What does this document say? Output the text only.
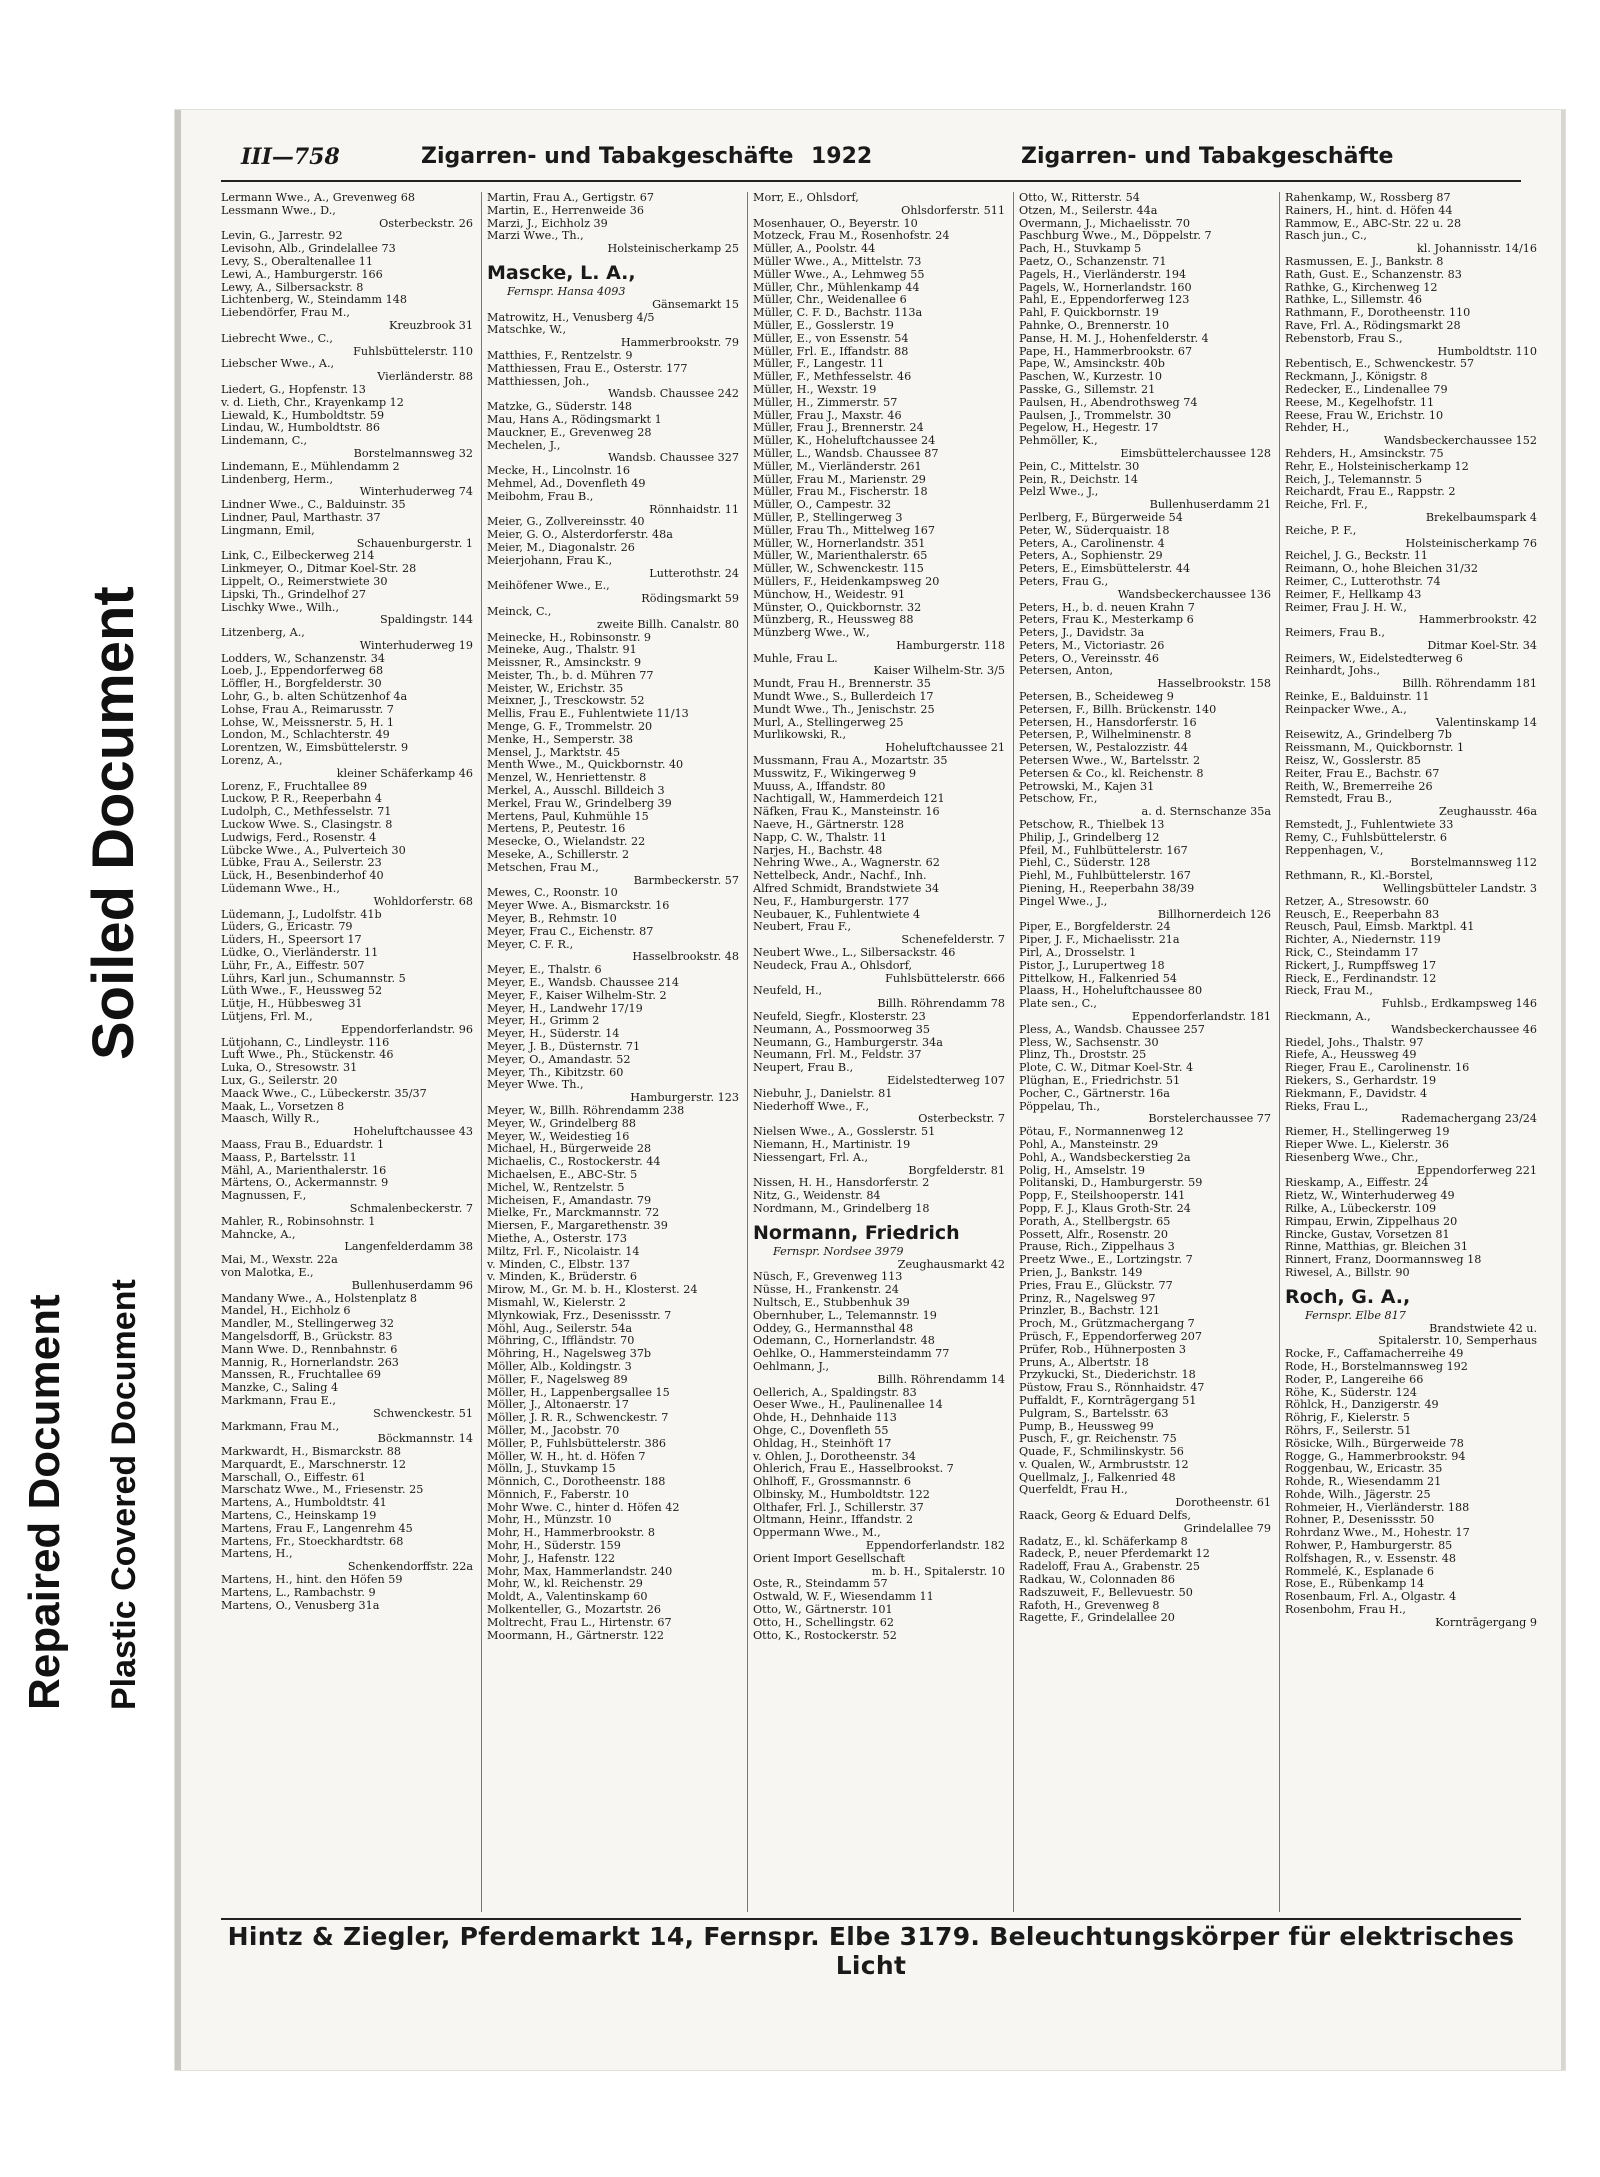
Soiled Document
Repaired Document Plastic Covered Document
III—758	Zigarren- und Tabakgeschäfte 1922	Zigarren- und Tabakgeschäfte
Lermann Wwe., A., Grevenweg 68
Lessmann Wwe., D.,
Osterbeckstr. 26
Levin, G., Jarrestr. 92
Levisohn, Alb., Grindelallee 73
Levy, S., Oberaltenallee 11
Lewi, A., Hamburgerstr. 166
Lewy, A., Silbersackstr. 8
Lichtenberg, W., Steindamm 148
Liebendörfer, Frau M.,
Kreuzbrook 31
Liebrecht Wwe., C.,
Fuhlsbüttelerstr. 110
Liebscher Wwe., A.,
Vierländerstr. 88
Liedert, G., Hopfenstr. 13
v. d. Lieth, Chr., Krayenkamp 12
Liewald, K., Humboldtstr. 59
Lindau, W., Humboldtstr. 86
Lindemann, C.,
Borstelmannsweg 32
Lindemann, E., Mühlendamm 2
Lindenberg, Herm.,
Winterhuderweg 74
Lindner Wwe., C., Balduinstr. 35
Lindner, Paul, Marthastr. 37
Lingmann, Emil,
Schauenburgerstr. 1
Link, C., Eilbeckerweg 214
Linkmeyer, O., Ditmar Koel-Str. 28
Lippelt, O., Reimerstwiete 30
Lipski, Th., Grindelhof 27
Lischky Wwe., Wilh.,
Spaldingstr. 144
Litzenberg, A.,
Winterhuderweg 19
Lodders, W., Schanzenstr. 34
Loeb, J., Eppendorferweg 68
Löffler, H., Borgfelderstr. 30
Lohr, G., b. alten Schützenhof 4a
Lohse, Frau A., Reimarusstr. 7
Lohse, W., Meissnerstr. 5, H. 1
London, M., Schlachterstr. 49
Lorentzen, W., Eimsbüttelerstr. 9
Lorenz, A.,
kleiner Schäferkamp 46
Lorenz, F., Fruchtallee 89
Luckow, P. R., Reeperbahn 4
Ludolph, C., Methfesselstr. 71
Luckow Wwe. S., Clasingstr. 8
Ludwigs, Ferd., Rosenstr. 4
Lübcke Wwe., A., Pulverteich 30
Lübke, Frau A., Seilerstr. 23
Lück, H., Besenbinderhof 40
Lüdemann Wwe., H.,
Wohldorferstr. 68
Lüdemann, J., Ludolfstr. 41b
Lüders, G., Ericastr. 79
Lüders, H., Speersort 17
Lüdke, O., Vierländerstr. 11
Lühr, Fr., A., Eiffestr. 507
Lührs, Karl jun., Schumannstr. 5
Lüth Wwe., F., Heussweg 52
Lütje, H., Hübbesweg 31
Lütjens, Frl. M.,
Eppendorferlandstr. 96
Lütjohann, C., Lindleystr. 116
Luft Wwe., Ph., Stückenstr. 46
Luka, O., Stresowstr. 31
Lux, G., Seilerstr. 20
Maack Wwe., C., Lübeckerstr. 35/37
Maak, L., Vorsetzen 8
Maasch, Willy R.,
Hoheluftchaussee 43
Maass, Frau B., Eduardstr. 1
Maass, P., Bartelsstr. 11
Mähl, A., Marienthalerstr. 16
Märtens, O., Ackermannstr. 9
Magnussen, F.,
Schmalenbeckerstr. 7
Mahler, R., Robinsohnstr. 1
Mahncke, A.,
Langenfelderdamm 38
Mai, M., Wexstr. 22a
von Malotka, E.,
Bullenhuserdamm 96
Mandany Wwe., A., Holstenplatz 8
Mandel, H., Eichholz 6
Mandler, M., Stellingerweg 32
Mangelsdorff, B., Grückstr. 83
Mann Wwe. D., Rennbahnstr. 6
Mannig, R., Hornerlandstr. 263
Manssen, R., Fruchtallee 69
Manzke, C., Saling 4
Markmann, Frau E.,
Schwenckestr. 51
Markmann, Frau M.,
Böckmannstr. 14
Markwardt, H., Bismarckstr. 88
Marquardt, E., Marschnerstr. 12
Marschall, O., Eiffestr. 61
Marschatz Wwe., M., Friesenstr. 25
Martens, A., Humboldtstr. 41
Martens, C., Heinskamp 19
Martens, Frau F., Langenrehm 45
Martens, Fr., Stoeckhardtstr. 68
Martens, H.,
Schenkendorffstr. 22a
Martens, H., hint. den Höfen 59
Martens, L., Rambachstr. 9
Martens, O., Venusberg 31a
Martin, Frau A., Gertigstr. 67
Martin, E., Herrenweide 36
Marzi, J., Eichholz 39
Marzi Wwe., Th.,
Holsteinischerkamp 25
Mascke, L. A.,
Fernspr. Hansa 4093
Gänsemarkt 15
Matrowitz, H., Venusberg 4/5
Matschke, W.,
Hammerbrookstr. 79
Matthies, F., Rentzelstr. 9
Matthiessen, Frau E., Osterstr. 177
Matthiessen, Joh.,
Wandsb. Chaussee 242
Matzke, G., Süderstr. 148
Mau, Hans A., Rödingsmarkt 1
Mauckner, E., Grevenweg 28
Mechelen, J.,
Wandsb. Chaussee 327
Mecke, H., Lincolnstr. 16
Mehmel, Ad., Dovenfleth 49
Meibohm, Frau B.,
Rönnhaidstr. 11
Meier, G., Zollvereinsstr. 40
Meier, G. O., Alsterdorferstr. 48a
Meier, M., Diagonalstr. 26
Meierjohann, Frau K.,
Lutterothstr. 24
Meihöfener Wwe., E.,
Rödingsmarkt 59
Meinck, C.,
zweite Billh. Canalstr. 80
Meinecke, H., Robinsonstr. 9
Meineke, Aug., Thalstr. 91
Meissner, R., Amsinckstr. 9
Meister, Th., b. d. Mühren 77
Meister, W., Erichstr. 35
Meixner, J., Tresckowstr. 52
Mellis, Frau E., Fuhlentwiete 11/13
Menge, G. F., Trommelstr. 20
Menke, H., Semperstr. 38
Mensel, J., Marktstr. 45
Menth Wwe., M., Quickbornstr. 40
Menzel, W., Henriettenstr. 8
Merkel, A., Ausschl. Billdeich 3
Merkel, Frau W., Grindelberg 39
Mertens, Paul, Kuhmühle 15
Mertens, P., Peutestr. 16
Mesecke, O., Wielandstr. 22
Meseke, A., Schillerstr. 2
Metschen, Frau M.,
Barmbeckerstr. 57
Mewes, C., Roonstr. 10
Meyer Wwe. A., Bismarckstr. 16
Meyer, B., Rehmstr. 10
Meyer, Frau C., Eichenstr. 87
Meyer, C. F. R.,
Hasselbrookstr. 48
Meyer, E., Thalstr. 6
Meyer, E., Wandsb. Chaussee 214
Meyer, F., Kaiser Wilhelm-Str. 2
Meyer, H., Landwehr 17/19
Meyer, H., Grimm 2
Meyer, H., Süderstr. 14
Meyer, J. B., Düsternstr. 71
Meyer, O., Amandastr. 52
Meyer, Th., Kibitzstr. 60
Meyer Wwe. Th.,
Hamburgerstr. 123
Meyer, W., Billh. Röhrendamm 238
Meyer, W., Grindelberg 88
Meyer, W., Weidestieg 16
Michael, H., Bürgerweide 28
Michaelis, C., Rostockerstr. 44
Michaelsen, E., ABC-Str. 5
Michel, W., Rentzelstr. 5
Micheisen, F., Amandastr. 79
Mielke, Fr., Marckmannstr. 72
Miersen, F., Margarethenstr. 39
Miethe, A., Osterstr. 173
Miltz, Frl. F., Nicolaistr. 14
v. Minden, C., Elbstr. 137
v. Minden, K., Brüderstr. 6
Mirow, M., Gr. M. b. H., Klosterst. 24
Mismahl, W., Kielerstr. 2
Mlynkowiak, Frz., Desenissstr. 7
Möhl, Aug., Seilerstr. 54a
Möhring, C., Iffländstr. 70
Möhring, H., Nagelsweg 37b
Möller, Alb., Koldingstr. 3
Möller, F., Nagelsweg 89
Möller, H., Lappenbergsallee 15
Möller, J., Altonaerstr. 17
Möller, J. R. R., Schwenckestr. 7
Möller, M., Jacobstr. 70
Möller, P., Fuhlsbüttelerstr. 386
Möller, W. H., ht. d. Höfen 7
Mölln, J., Stuvkamp 15
Mönnich, C., Dorotheenstr. 188
Mönnich, F., Faberstr. 10
Mohr Wwe. C., hinter d. Höfen 42
Mohr, H., Münzstr. 10
Mohr, H., Hammerbrookstr. 8
Mohr, H., Süderstr. 159
Mohr, J., Hafenstr. 122
Mohr, Max, Hammerlandstr. 240
Mohr, W., kl. Reichenstr. 29
Moldt, A., Valentinskamp 60
Molkenteller, G., Mozartstr. 26
Moltrecht, Frau L., Hirtenstr. 67
Moormann, H., Gärtnerstr. 122
Morr, E., Ohlsdorf,
Ohlsdorferstr. 511
Mosenhauer, O., Beyerstr. 10
Motzeck, Frau M., Rosenhofstr. 24
Müller, A., Poolstr. 44
Müller Wwe., A., Mittelstr. 73
Müller Wwe., A., Lehmweg 55
Müller, Chr., Mühlenkamp 44
Müller, Chr., Weidenallee 6
Müller, C. F. D., Bachstr. 113a
Müller, E., Gosslerstr. 19
Müller, E., von Essenstr. 54
Müller, Frl. E., Iffandstr. 88
Müller, F., Langestr. 11
Müller, F., Methfesselstr. 46
Müller, H., Wexstr. 19
Müller, H., Zimmerstr. 57
Müller, Frau J., Maxstr. 46
Müller, Frau J., Brennerstr. 24
Müller, K., Hoheluftchaussee 24
Müller, L., Wandsb. Chaussee 87
Müller, M., Vierländerstr. 261
Müller, Frau M., Marienstr. 29
Müller, Frau M., Fischerstr. 18
Müller, O., Campestr. 32
Müller, P., Stellingerweg 3
Müller, Frau Th., Mittelweg 167
Müller, W., Hornerlandstr. 351
Müller, W., Marienthalerstr. 65
Müller, W., Schwenckestr. 115
Müllers, F., Heidenkampsweg 20
Münchow, H., Weidestr. 91
Münster, O., Quickbornstr. 32
Münzberg, R., Heussweg 88
Münzberg Wwe., W.,
Hamburgerstr. 118
Muhle, Frau L.
Kaiser Wilhelm-Str. 3/5
Mundt, Frau H., Brennerstr. 35
Mundt Wwe., S., Bullerdeich 17
Mundt Wwe., Th., Jenischstr. 25
Murl, A., Stellingerweg 25
Murlikowski, R.,
Hoheluftchaussee 21
Mussmann, Frau A., Mozartstr. 35
Musswitz, F., Wikingerweg 9
Muuss, A., Iffandstr. 80
Nachtigall, W., Hammerdeich 121
Näfken, Frau K., Mansteinstr. 16
Naeve, H., Gärtnerstr. 128
Napp, C. W., Thalstr. 11
Narjes, H., Bachstr. 48
Nehring Wwe., A., Wagnerstr. 62
Nettelbeck, Andr., Nachf., Inh.
Alfred Schmidt, Brandstwiete 34
Neu, F., Hamburgerstr. 177
Neubauer, K., Fuhlentwiete 4
Neubert, Frau F.,
Schenefelderstr. 7
Neubert Wwe., L., Silbersackstr. 46
Neudeck, Frau A., Ohlsdorf,
Fuhlsbüttelerstr. 666
Neufeld, H.,
Billh. Röhrendamm 78
Neufeld, Siegfr., Klosterstr. 23
Neumann, A., Possmoorweg 35
Neumann, G., Hamburgerstr. 34a
Neumann, Frl. M., Feldstr. 37
Neupert, Frau B.,
Eidelstedterweg 107
Niebuhr, J., Danielstr. 81
Niederhoff Wwe., F.,
Osterbeckstr. 7
Nielsen Wwe., A., Gosslerstr. 51
Niemann, H., Martinistr. 19
Niessengart, Frl. A.,
Borgfelderstr. 81
Nissen, H. H., Hansdorferstr. 2
Nitz, G., Weidenstr. 84
Nordmann, M., Grindelberg 18
Normann, Friedrich
Fernspr. Nordsee 3979
Zeughausmarkt 42
Nüsch, F., Grevenweg 113
Nüsse, H., Frankenstr. 24
Nultsch, E., Stubbenhuk 39
Obernhuber, L., Telemannstr. 19
Oddey, G., Hermannsthal 48
Odemann, C., Hornerlandstr. 48
Oehlke, O., Hammersteindamm 77
Oehlmann, J.,
Billh. Röhrendamm 14
Oellerich, A., Spaldingstr. 83
Oeser Wwe., H., Paulinenallee 14
Ohde, H., Dehnhaide 113
Ohge, C., Dovenfleth 55
Ohldag, H., Steinhöft 17
v. Ohlen, J., Dorotheenstr. 34
Ohlerich, Frau E., Hasselbrookst. 7
Ohlhoff, F., Grossmannstr. 6
Olbinsky, M., Humboldtstr. 122
Olthafer, Frl. J., Schillerstr. 37
Oltmann, Heinr., Iffandstr. 2
Oppermann Wwe., M.,
Eppendorferlandstr. 182
Orient Import Gesellschaft
m. b. H., Spitalerstr. 10
Oste, R., Steindamm 57
Ostwald, W. F., Wiesendamm 11
Otto, W., Gärtnerstr. 101
Otto, H., Schellingstr. 62
Otto, K., Rostockerstr. 52
Otto, W., Ritterstr. 54
Otzen, M., Seilerstr. 44a
Overmann, J., Michaelisstr. 70
Paschburg Wwe., M., Döppelstr. 7
Pach, H., Stuvkamp 5
Paetz, O., Schanzenstr. 71
Pagels, H., Vierländerstr. 194
Pagels, W., Hornerlandstr. 160
Pahl, E., Eppendorferweg 123
Pahl, F. Quickbornstr. 19
Pahnke, O., Brennerstr. 10
Panse, H. M. J., Hohenfelderstr. 4
Pape, H., Hammerbrookstr. 67
Pape, W., Amsinckstr. 40b
Paschen, W., Kurzestr. 10
Passke, G., Sillemstr. 21
Paulsen, H., Abendrothsweg 74
Paulsen, J., Trommelstr. 30
Pegelow, H., Hegestr. 17
Pehmöller, K.,
Eimsbüttelerchaussee 128
Pein, C., Mittelstr. 30
Pein, R., Deichstr. 14
Pelzl Wwe., J.,
Bullenhuserdamm 21
Perlberg, F., Bürgerweide 54
Peter, W., Süderquaistr. 18
Peters, A., Carolinenstr. 4
Peters, A., Sophienstr. 29
Peters, E., Eimsbüttelerstr. 44
Peters, Frau G.,
Wandsbeckerchaussee 136
Peters, H., b. d. neuen Krahn 7
Peters, Frau K., Mesterkamp 6
Peters, J., Davidstr. 3a
Peters, M., Victoriastr. 26
Peters, O., Vereinsstr. 46
Petersen, Anton,
Hasselbrookstr. 158
Petersen, B., Scheideweg 9
Petersen, F., Billh. Brückenstr. 140
Petersen, H., Hansdorferstr. 16
Petersen, P., Wilhelminenstr. 8
Petersen, W., Pestalozzistr. 44
Petersen Wwe., W., Bartelsstr. 2
Petersen & Co., kl. Reichenstr. 8
Petrowski, M., Kajen 31
Petschow, Fr.,
a. d. Sternschanze 35a
Petschow, R., Thielbek 13
Philip, J., Grindelberg 12
Pfeil, M., Fuhlbüttelerstr. 167
Piehl, C., Süderstr. 128
Piehl, M., Fuhlbüttelerstr. 167
Piening, H., Reeperbahn 38/39
Pingel Wwe., J.,
Billhornerdeich 126
Piper, E., Borgfelderstr. 24
Piper, J. F., Michaelisstr. 21a
Pirl, A., Drosselstr. 1
Pistor, J., Lurupertweg 18
Pittelkow, H., Falkenried 54
Plaass, H., Hoheluftchaussee 80
Plate sen., C.,
Eppendorferlandstr. 181
Pless, A., Wandsb. Chaussee 257
Pless, W., Sachsenstr. 30
Plinz, Th., Droststr. 25
Plote, C. W., Ditmar Koel-Str. 4
Plüghan, E., Friedrichstr. 51
Pocher, C., Gärtnerstr. 16a
Pöppelau, Th.,
Borstelerchaussee 77
Pötau, F., Normannenweg 12
Pohl, A., Mansteinstr. 29
Pohl, A., Wandsbeckerstieg 2a
Polig, H., Amselstr. 19
Politanski, D., Hamburgerstr. 59
Popp, F., Steilshooperstr. 141
Popp, F. J., Klaus Groth-Str. 24
Porath, A., Stellbergstr. 65
Possett, Alfr., Rosenstr. 20
Prause, Rich., Zippelhaus 3
Preetz Wwe., E., Lortzingstr. 7
Prien, J., Bankstr. 149
Pries, Frau E., Glückstr. 77
Prinz, R., Nagelsweg 97
Prinzler, B., Bachstr. 121
Proch, M., Grützmachergang 7
Prüsch, F., Eppendorferweg 207
Prüfer, Rob., Hühnerposten 3
Pruns, A., Albertstr. 18
Przykucki, St., Diederichstr. 18
Püstow, Frau S., Rönnhaidstr. 47
Puffaldt, F., Korntrāgergang 51
Pulgram, S., Bartelsstr. 63
Pump, B., Heussweg 99
Pusch, F., gr. Reichenstr. 75
Quade, F., Schmilinskystr. 56
v. Qualen, W., Armbruststr. 12
Quellmalz, J., Falkenried 48
Querfeldt, Frau H.,
Dorotheenstr. 61
Raack, Georg & Eduard Delfs,
Grindelallee 79
Radatz, E., kl. Schäferkamp 8
Radeck, P., neuer Pferdemarkt 12
Radeloff, Frau A., Grabenstr. 25
Radkau, W., Colonnaden 86
Radszuweit, F., Bellevuestr. 50
Rafoth, H., Grevenweg 8
Ragette, F., Grindelallee 20
Rahenkamp, W., Rossberg 87
Rainers, H., hint. d. Höfen 44
Rammow, E., ABC-Str. 22 u. 28
Rasch jun., C.,
kl. Johannisstr. 14/16
Rasmussen, E. J., Bankstr. 8
Rath, Gust. E., Schanzenstr. 83
Rathke, G., Kirchenweg 12
Rathke, L., Sillemstr. 46
Rathmann, F., Dorotheenstr. 110
Rave, Frl. A., Rödingsmarkt 28
Rebenstorb, Frau S.,
Humboldtstr. 110
Rebentisch, E., Schwenckestr. 57
Reckmann, J., Königstr. 8
Redecker, E., Lindenallee 79
Reese, M., Kegelhofstr. 11
Reese, Frau W., Erichstr. 10
Rehder, H.,
Wandsbeckerchaussee 152
Rehders, H., Amsinckstr. 75
Rehr, E., Holsteinischerkamp 12
Reich, J., Telemannstr. 5
Reichardt, Frau E., Rappstr. 2
Reiche, Frl. F.,
Brekelbaumspark 4
Reiche, P. F.,
Holsteinischerkamp 76
Reichel, J. G., Beckstr. 11
Reimann, O., hohe Bleichen 31/32
Reimer, C., Lutterothstr. 74
Reimer, F., Hellkamp 43
Reimer, Frau J. H. W.,
Hammerbrookstr. 42
Reimers, Frau B.,
Ditmar Koel-Str. 34
Reimers, W., Eidelstedterweg 6
Reinhardt, Johs.,
Billh. Röhrendamm 181
Reinke, E., Balduinstr. 11
Reinpacker Wwe., A.,
Valentinskamp 14
Reisewitz, A., Grindelberg 7b
Reissmann, M., Quickbornstr. 1
Reisz, W., Gosslerstr. 85
Reiter, Frau E., Bachstr. 67
Reith, W., Bremerreihe 26
Remstedt, Frau B.,
Zeughausstr. 46a
Remstedt, J., Fuhlentwiete 33
Remy, C., Fuhlsbüttelerstr. 6
Reppenhagen, V.,
Borstelmannsweg 112
Rethmann, R., Kl.-Borstel,
Wellingsbütteler Landstr. 3
Retzer, A., Stresowstr. 60
Reusch, E., Reeperbahn 83
Reusch, Paul, Eimsb. Marktpl. 41
Richter, A., Niedernstr. 119
Rick, C., Steindamm 17
Rickert, J., Rumpffsweg 17
Rieck, E., Ferdinandstr. 12
Rieck, Frau M.,
Fuhlsb., Erdkampsweg 146
Rieckmann, A.,
Wandsbeckerchaussee 46
Riedel, Johs., Thalstr. 97
Riefe, A., Heussweg 49
Rieger, Frau E., Carolinenstr. 16
Riekers, S., Gerhardstr. 19
Riekmann, F., Davidstr. 4
Rieks, Frau L.,
Rademachergang 23/24
Riemer, H., Stellingerweg 19
Rieper Wwe. L., Kielerstr. 36
Riesenberg Wwe., Chr.,
Eppendorferweg 221
Rieskamp, A., Eiffestr. 24
Rietz, W., Winterhuderweg 49
Rilke, A., Lübeckerstr. 109
Rimpau, Erwin, Zippelhaus 20
Rincke, Gustav, Vorsetzen 81
Rinne, Matthias, gr. Bleichen 31
Rinnert, Franz, Doormannsweg 18
Riwesel, A., Billstr. 90
Roch, G. A.,
Fernspr. Elbe 817
Brandstwiete 42 u.
Spitalerstr. 10, Semperhaus
Rocke, F., Caffamacherreihe 49
Rode, H., Borstelmannsweg 192
Roder, P., Langereihe 66
Röhe, K., Süderstr. 124
Röhlck, H., Danzigerstr. 49
Röhrig, F., Kielerstr. 5
Röhrs, F., Seilerstr. 51
Rösicke, Wilh., Bürgerweide 78
Rogge, G., Hammerbrookstr. 94
Roggenbau, W., Ericastr. 35
Rohde, R., Wiesendamm 21
Rohde, Wilh., Jägerstr. 25
Rohmeier, H., Vierländerstr. 188
Rohner, P., Desenissstr. 50
Rohrdanz Wwe., M., Hohestr. 17
Rohwer, P., Hamburgerstr. 85
Rolfshagen, R., v. Essenstr. 48
Rommelé, K., Esplanade 6
Rose, E., Rübenkamp 14
Rosenbaum, Frl. A., Olgastr. 4
Rosenbohm, Frau H.,
Korntrāgergang 9
Hintz & Ziegler, Pferdemarkt 14, Fernspr. Elbe 3179. Beleuchtungskörper für elektrisches Licht
